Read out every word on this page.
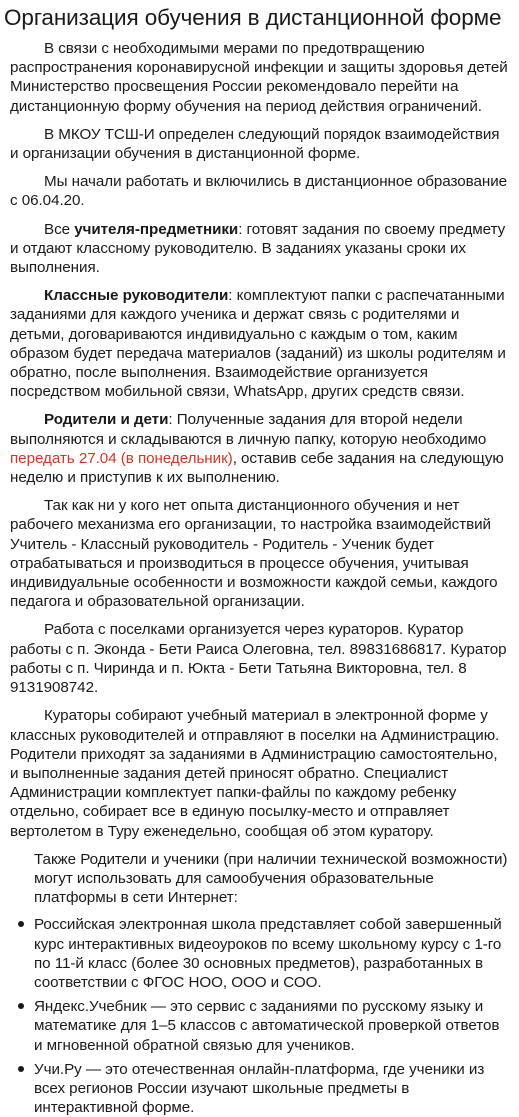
Организация обучения в дистанционной форме

В связи с необходимыми мерами по предотвращению распространения коронавирусной инфекции и защиты здоровья детей Министерство просвещения России рекомендовало перейти на дистанционную форму обучения на период действия ограничений.

В МКОУ ТСШ-И определен следующий порядок взаимодействия и организации обучения в дистанционной форме.

Мы начали работать и включились в дистанционное образование с 06.04.20.

Все учителя-предметники: готовят задания по своему предмету и отдают классному руководителю. В заданиях указаны сроки их выполнения.

Классные руководители: комплектуют папки с распечатанными заданиями для каждого ученика и держат связь с родителями и детьми, договариваются индивидуально с каждым о том, каким образом будет передача материалов (заданий) из школы родителям и обратно, после выполнения. Взаимодействие организуется посредством мобильной связи, WhatsApp, других средств связи.

Родители и дети: Полученные задания для второй недели выполняются и складываются в личную папку, которую необходимо передать 27.04 (в понедельник), оставив себе задания на следующую неделю и приступив к их выполнению.

Так как ни у кого нет опыта дистанционного обучения и нет рабочего механизма его организации, то настройка взаимодействий Учитель - Классный руководитель - Родитель - Ученик будет отрабатываться и производиться в процессе обучения, учитывая индивидуальные особенности и возможности каждой семьи, каждого педагога и образовательной организации.

Работа с поселками организуется через кураторов. Куратор работы с п. Эконда - Бети Раиса Олеговна, тел. 89831686817. Куратор работы с п. Чиринда и п. Юкта - Бети Татьяна Викторовна, тел. 8 9131908742.

Кураторы собирают учебный материал в электронной форме у классных руководителей и отправляют в поселки на Администрацию. Родители приходят за заданиями в Администрацию самостоятельно, и выполненные задания детей приносят обратно. Специалист Администрации комплектует папки-файлы по каждому ребенку отдельно, собирает все в единую посылку-место и отправляет вертолетом в Туру еженедельно, сообщая об этом куратору.

Также Родители и ученики (при наличии технической возможности) могут использовать для самообучения образовательные платформы в сети Интернет:

Российская электронная школа представляет собой завершенный курс интерактивных видеоуроков по всему школьному курсу с 1-го по 11-й класс (более 30 основных предметов), разработанных в соответствии с ФГОС НОО, ООО и СОО.
Яндекс.Учебник — это сервис с заданиями по русскому языку и математике для 1–5 классов с автоматической проверкой ответов и мгновенной обратной связью для учеников.
Учи.Ру — это отечественная онлайн-платформа, где ученики из всех регионов России изучают школьные предметы в интерактивной форме.
